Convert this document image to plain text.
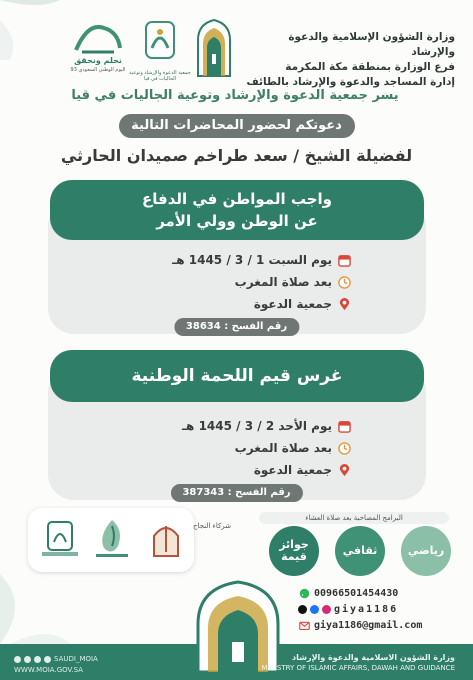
وزارة الشؤون الإسلامية والدعوة والإرشاد
فرع الوزارة بمنطقة مكة المكرمة
إدارة المساجد والدعوة والإرشاد بالطائف
جمعية الدعوة والإرشاد وتوعية الجاليات في قيا
نحلم ونحقق
اليوم الوطني السعودي 93
يسر جمعية الدعوة والإرشاد وتوعية الجاليات في قيا
دعوتكم لحضور المحاضرات التالية
لفضيلة الشيخ / سعد طراخم صميدان الحارثي
واجب المواطن في الدفاع
عن الوطن وولي الأمر
يوم السبت 1 / 3 / 1445 هـ
بعد صلاة المغرب
جمعية الدعوة
رقم الفسح : 38634
غرس قيم اللحمة الوطنية
يوم الأحد 2 / 3 / 1445 هـ
بعد صلاة المغرب
جمعية الدعوة
رقم الفسح : 387343
شركاء النجاح
البرامج المصاحبة بعد صلاة العشاء
رياضي
ثقافي
جوائز قيمة
00966501454430
giya1186
giya1186@gmail.com
SAUDI_MOIA
WWW.MOIA.GOV.SA
وزارة الشؤون الاسلامية والدعوة والإرشاد
MINISTRY OF ISLAMIC AFFAIRS, DAWAH AND GUIDANCE
